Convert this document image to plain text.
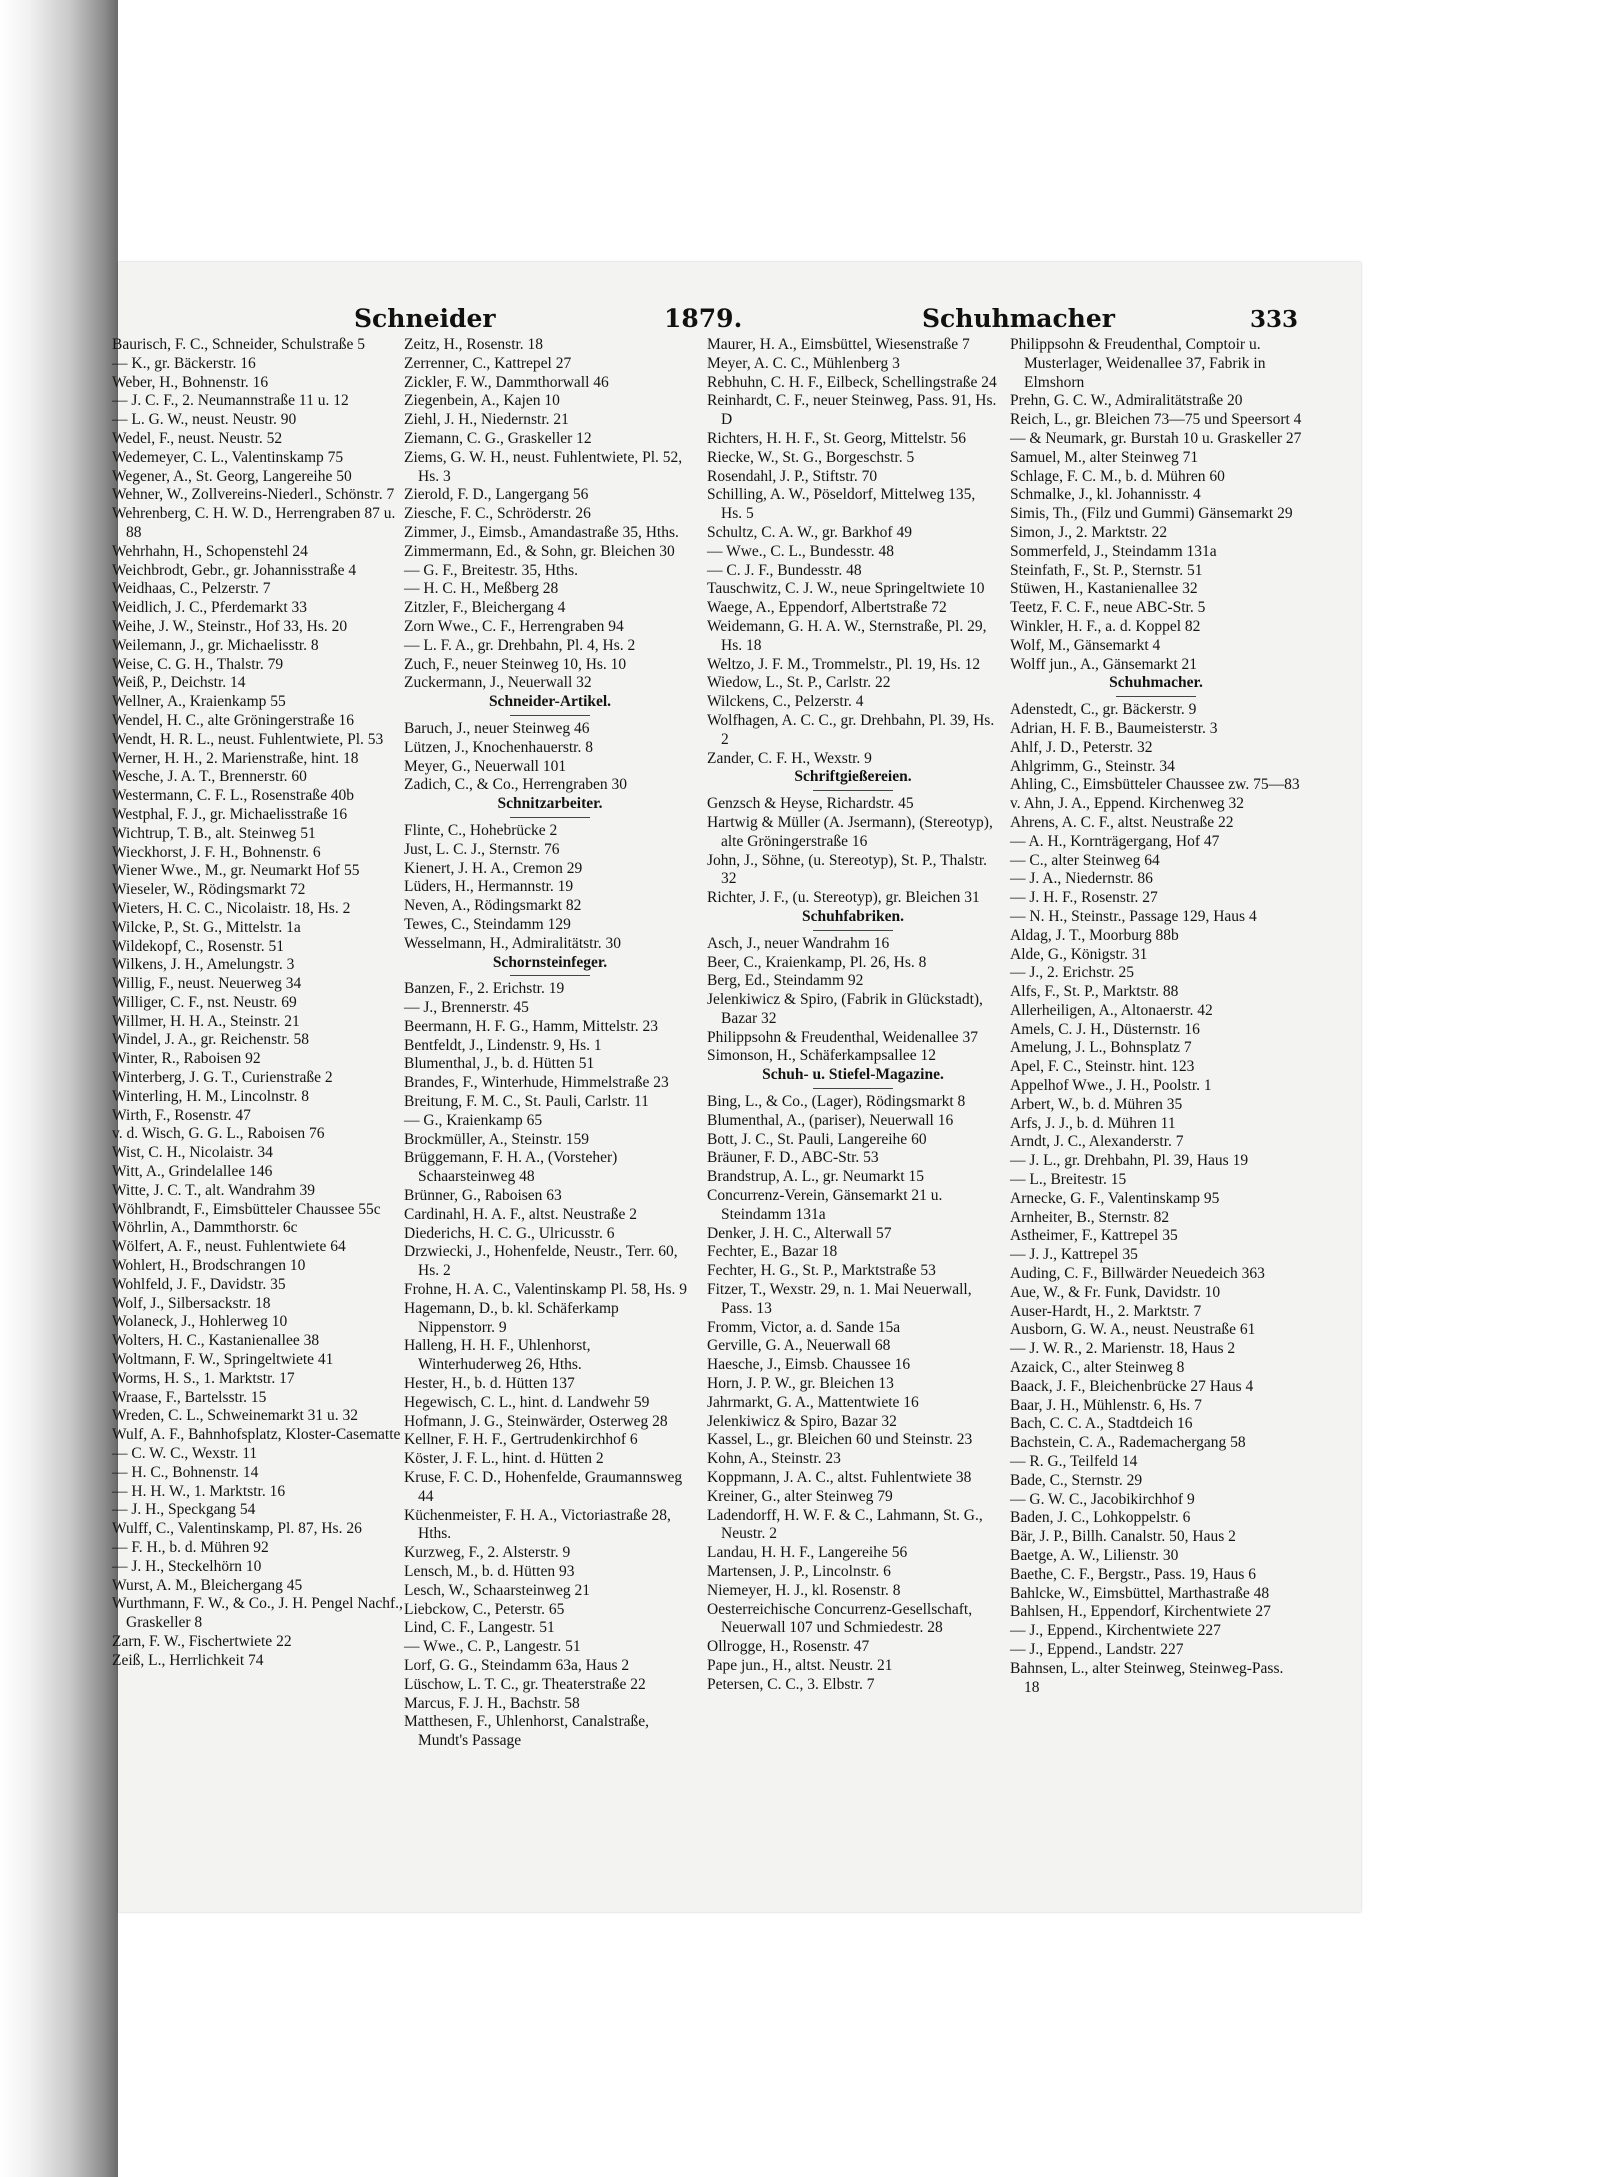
Schneider	1879.	Schuhmacher	333
Baurisch, F. C., Schneider, Schulstraße 5
— K., gr. Bäckerstr. 16
Weber, H., Bohnenstr. 16
— J. C. F., 2. Neumannstraße 11 u. 12
— L. G. W., neust. Neustr. 90
Wedel, F., neust. Neustr. 52
Wedemeyer, C. L., Valentinskamp 75
Wegener, A., St. Georg, Langereihe 50
Wehner, W., Zollvereins-Niederl., Schönstr. 7
Wehrenberg, C. H. W. D., Herrengraben 87 u. 88
Wehrhahn, H., Schopenstehl 24
Weichbrodt, Gebr., gr. Johannisstraße 4
Weidhaas, C., Pelzerstr. 7
Weidlich, J. C., Pferdemarkt 33
Weihe, J. W., Steinstr., Hof 33, Hs. 20
Weilemann, J., gr. Michaelisstr. 8
Weise, C. G. H., Thalstr. 79
Weiß, P., Deichstr. 14
Wellner, A., Kraienkamp 55
Wendel, H. C., alte Gröningerstraße 16
Wendt, H. R. L., neust. Fuhlentwiete, Pl. 53
Werner, H. H., 2. Marienstraße, hint. 18
Wesche, J. A. T., Brennerstr. 60
Westermann, C. F. L., Rosenstraße 40b
Westphal, F. J., gr. Michaelisstraße 16
Wichtrup, T. B., alt. Steinweg 51
Wieckhorst, J. F. H., Bohnenstr. 6
Wiener Wwe., M., gr. Neumarkt Hof 55
Wieseler, W., Rödingsmarkt 72
Wieters, H. C. C., Nicolaistr. 18, Hs. 2
Wilcke, P., St. G., Mittelstr. 1a
Wildekopf, C., Rosenstr. 51
Wilkens, J. H., Amelungstr. 3
Willig, F., neust. Neuerweg 34
Williger, C. F., nst. Neustr. 69
Willmer, H. H. A., Steinstr. 21
Windel, J. A., gr. Reichenstr. 58
Winter, R., Raboisen 92
Winterberg, J. G. T., Curienstraße 2
Winterling, H. M., Lincolnstr. 8
Wirth, F., Rosenstr. 47
v. d. Wisch, G. G. L., Raboisen 76
Wist, C. H., Nicolaistr. 34
Witt, A., Grindelallee 146
Witte, J. C. T., alt. Wandrahm 39
Wöhlbrandt, F., Eimsbütteler Chaussee 55c
Wöhrlin, A., Dammthorstr. 6c
Wölfert, A. F., neust. Fuhlentwiete 64
Wohlert, H., Brodschrangen 10
Wohlfeld, J. F., Davidstr. 35
Wolf, J., Silbersackstr. 18
Wolaneck, J., Hohlerweg 10
Wolters, H. C., Kastanienallee 38
Woltmann, F. W., Springeltwiete 41
Worms, H. S., 1. Marktstr. 17
Wraase, F., Bartelsstr. 15
Wreden, C. L., Schweinemarkt 31 u. 32
Wulf, A. F., Bahnhofsplatz, Kloster-Casematte
— C. W. C., Wexstr. 11
— H. C., Bohnenstr. 14
— H. H. W., 1. Marktstr. 16
— J. H., Speckgang 54
Wulff, C., Valentinskamp, Pl. 87, Hs. 26
— F. H., b. d. Mühren 92
— J. H., Steckelhörn 10
Wurst, A. M., Bleichergang 45
Wurthmann, F. W., & Co., J. H. Pengel Nachf., Graskeller 8
Zarn, F. W., Fischertwiete 22
Zeiß, L., Herrlichkeit 74
Zeitz, H., Rosenstr. 18
Zerrenner, C., Kattrepel 27
Zickler, F. W., Dammthorwall 46
Ziegenbein, A., Kajen 10
Ziehl, J. H., Niedernstr. 21
Ziemann, C. G., Graskeller 12
Ziems, G. W. H., neust. Fuhlentwiete, Pl. 52, Hs. 3
Zierold, F. D., Langergang 56
Ziesche, F. C., Schröderstr. 26
Zimmer, J., Eimsb., Amandastraße 35, Hths.
Zimmermann, Ed., & Sohn, gr. Bleichen 30
— G. F., Breitestr. 35, Hths.
— H. C. H., Meßberg 28
Zitzler, F., Bleichergang 4
Zorn Wwe., C. F., Herrengraben 94
— L. F. A., gr. Drehbahn, Pl. 4, Hs. 2
Zuch, F., neuer Steinweg 10, Hs. 10
Zuckermann, J., Neuerwall 32
Schneider-Artikel.
Baruch, J., neuer Steinweg 46
Lützen, J., Knochenhauerstr. 8
Meyer, G., Neuerwall 101
Zadich, C., & Co., Herrengraben 30
Schnitzarbeiter.
Flinte, C., Hohebrücke 2
Just, L. C. J., Sternstr. 76
Kienert, J. H. A., Cremon 29
Lüders, H., Hermannstr. 19
Neven, A., Rödingsmarkt 82
Tewes, C., Steindamm 129
Wesselmann, H., Admiralitätstr. 30
Schornsteinfeger.
Banzen, F., 2. Erichstr. 19
— J., Brennerstr. 45
Beermann, H. F. G., Hamm, Mittelstr. 23
Bentfeldt, J., Lindenstr. 9, Hs. 1
Blumenthal, J., b. d. Hütten 51
Brandes, F., Winterhude, Himmelstraße 23
Breitung, F. M. C., St. Pauli, Carlstr. 11
— G., Kraienkamp 65
Brockmüller, A., Steinstr. 159
Brüggemann, F. H. A., (Vorsteher) Schaarsteinweg 48
Brünner, G., Raboisen 63
Cardinahl, H. A. F., altst. Neustraße 2
Diederichs, H. C. G., Ulricusstr. 6
Drzwiecki, J., Hohenfelde, Neustr., Terr. 60, Hs. 2
Frohne, H. A. C., Valentinskamp Pl. 58, Hs. 9
Hagemann, D., b. kl. Schäferkamp Nippenstorr. 9
Halleng, H. H. F., Uhlenhorst, Winterhuderweg 26, Hths.
Hester, H., b. d. Hütten 137
Hegewisch, C. L., hint. d. Landwehr 59
Hofmann, J. G., Steinwärder, Osterweg 28
Kellner, F. H. F., Gertrudenkirchhof 6
Köster, J. F. L., hint. d. Hütten 2
Kruse, F. C. D., Hohenfelde, Graumannsweg 44
Küchenmeister, F. H. A., Victoriastraße 28, Hths.
Kurzweg, F., 2. Alsterstr. 9
Lensch, M., b. d. Hütten 93
Lesch, W., Schaarsteinweg 21
Liebckow, C., Peterstr. 65
Lind, C. F., Langestr. 51
— Wwe., C. P., Langestr. 51
Lorf, G. G., Steindamm 63a, Haus 2
Lüschow, L. T. C., gr. Theaterstraße 22
Marcus, F. J. H., Bachstr. 58
Matthesen, F., Uhlenhorst, Canalstraße, Mundt's Passage
Maurer, H. A., Eimsbüttel, Wiesenstraße 7
Meyer, A. C. C., Mühlenberg 3
Rebhuhn, C. H. F., Eilbeck, Schellingstraße 24
Reinhardt, C. F., neuer Steinweg, Pass. 91, Hs. D
Richters, H. H. F., St. Georg, Mittelstr. 56
Riecke, W., St. G., Borgeschstr. 5
Rosendahl, J. P., Stiftstr. 70
Schilling, A. W., Pöseldorf, Mittelweg 135, Hs. 5
Schultz, C. A. W., gr. Barkhof 49
— Wwe., C. L., Bundesstr. 48
— C. J. F., Bundesstr. 48
Tauschwitz, C. J. W., neue Springeltwiete 10
Waege, A., Eppendorf, Albertstraße 72
Weidemann, G. H. A. W., Sternstraße, Pl. 29, Hs. 18
Weltzo, J. F. M., Trommelstr., Pl. 19, Hs. 12
Wiedow, L., St. P., Carlstr. 22
Wilckens, C., Pelzerstr. 4
Wolfhagen, A. C. C., gr. Drehbahn, Pl. 39, Hs. 2
Zander, C. F. H., Wexstr. 9
Schriftgießereien.
Genzsch & Heyse, Richardstr. 45
Hartwig & Müller (A. Jsermann), (Stereotyp), alte Gröningerstraße 16
John, J., Söhne, (u. Stereotyp), St. P., Thalstr. 32
Richter, J. F., (u. Stereotyp), gr. Bleichen 31
Schuhfabriken.
Asch, J., neuer Wandrahm 16
Beer, C., Kraienkamp, Pl. 26, Hs. 8
Berg, Ed., Steindamm 92
Jelenkiwicz & Spiro, (Fabrik in Glückstadt), Bazar 32
Philippsohn & Freudenthal, Weidenallee 37
Simonson, H., Schäferkampsallee 12
Schuh- u. Stiefel-Magazine.
Bing, L., & Co., (Lager), Rödingsmarkt 8
Blumenthal, A., (pariser), Neuerwall 16
Bott, J. C., St. Pauli, Langereihe 60
Bräuner, F. D., ABC-Str. 53
Brandstrup, A. L., gr. Neumarkt 15
Concurrenz-Verein, Gänsemarkt 21 u. Steindamm 131a
Denker, J. H. C., Alterwall 57
Fechter, E., Bazar 18
Fechter, H. G., St. P., Marktstraße 53
Fitzer, T., Wexstr. 29, n. 1. Mai Neuerwall, Pass. 13
Fromm, Victor, a. d. Sande 15a
Gerville, G. A., Neuerwall 68
Haesche, J., Eimsb. Chaussee 16
Horn, J. P. W., gr. Bleichen 13
Jahrmarkt, G. A., Mattentwiete 16
Jelenkiwicz & Spiro, Bazar 32
Kassel, L., gr. Bleichen 60 und Steinstr. 23
Kohn, A., Steinstr. 23
Koppmann, J. A. C., altst. Fuhlentwiete 38
Kreiner, G., alter Steinweg 79
Ladendorff, H. W. F. & C., Lahmann, St. G., Neustr. 2
Landau, H. H. F., Langereihe 56
Martensen, J. P., Lincolnstr. 6
Niemeyer, H. J., kl. Rosenstr. 8
Oesterreichische Concurrenz-Gesellschaft, Neuerwall 107 und Schmiedestr. 28
Ollrogge, H., Rosenstr. 47
Pape jun., H., altst. Neustr. 21
Petersen, C. C., 3. Elbstr. 7
Philippsohn & Freudenthal, Comptoir u. Musterlager, Weidenallee 37, Fabrik in Elmshorn
Prehn, G. C. W., Admiralitätstraße 20
Reich, L., gr. Bleichen 73—75 und Speersort 4
— & Neumark, gr. Burstah 10 u. Graskeller 27
Samuel, M., alter Steinweg 71
Schlage, F. C. M., b. d. Mühren 60
Schmalke, J., kl. Johannisstr. 4
Simis, Th., (Filz und Gummi) Gänsemarkt 29
Simon, J., 2. Marktstr. 22
Sommerfeld, J., Steindamm 131a
Steinfath, F., St. P., Sternstr. 51
Stüwen, H., Kastanienallee 32
Teetz, F. C. F., neue ABC-Str. 5
Winkler, H. F., a. d. Koppel 82
Wolf, M., Gänsemarkt 4
Wolff jun., A., Gänsemarkt 21
Schuhmacher.
Adenstedt, C., gr. Bäckerstr. 9
Adrian, H. F. B., Baumeisterstr. 3
Ahlf, J. D., Peterstr. 32
Ahlgrimm, G., Steinstr. 34
Ahling, C., Eimsbütteler Chaussee zw. 75—83
v. Ahn, J. A., Eppend. Kirchenweg 32
Ahrens, A. C. F., altst. Neustraße 22
— A. H., Kornträgergang, Hof 47
— C., alter Steinweg 64
— J. A., Niedernstr. 86
— J. H. F., Rosenstr. 27
— N. H., Steinstr., Passage 129, Haus 4
Aldag, J. T., Moorburg 88b
Alde, G., Königstr. 31
— J., 2. Erichstr. 25
Alfs, F., St. P., Marktstr. 88
Allerheiligen, A., Altonaerstr. 42
Amels, C. J. H., Düsternstr. 16
Amelung, J. L., Bohnsplatz 7
Apel, F. C., Steinstr. hint. 123
Appelhof Wwe., J. H., Poolstr. 1
Arbert, W., b. d. Mühren 35
Arfs, J. J., b. d. Mühren 11
Arndt, J. C., Alexanderstr. 7
— J. L., gr. Drehbahn, Pl. 39, Haus 19
— L., Breitestr. 15
Arnecke, G. F., Valentinskamp 95
Arnheiter, B., Sternstr. 82
Astheimer, F., Kattrepel 35
— J. J., Kattrepel 35
Auding, C. F., Billwärder Neuedeich 363
Aue, W., & Fr. Funk, Davidstr. 10
Auser-Hardt, H., 2. Marktstr. 7
Ausborn, G. W. A., neust. Neustraße 61
— J. W. R., 2. Marienstr. 18, Haus 2
Azaick, C., alter Steinweg 8
Baack, J. F., Bleichenbrücke 27 Haus 4
Baar, J. H., Mühlenstr. 6, Hs. 7
Bach, C. C. A., Stadtdeich 16
Bachstein, C. A., Rademachergang 58
— R. G., Teilfeld 14
Bade, C., Sternstr. 29
— G. W. C., Jacobikirchhof 9
Baden, J. C., Lohkoppelstr. 6
Bär, J. P., Billh. Canalstr. 50, Haus 2
Baetge, A. W., Lilienstr. 30
Baethe, C. F., Bergstr., Pass. 19, Haus 6
Bahlcke, W., Eimsbüttel, Marthastraße 48
Bahlsen, H., Eppendorf, Kirchentwiete 27
— J., Eppend., Kirchentwiete 227
— J., Eppend., Landstr. 227
Bahnsen, L., alter Steinweg, Steinweg-Pass. 18
